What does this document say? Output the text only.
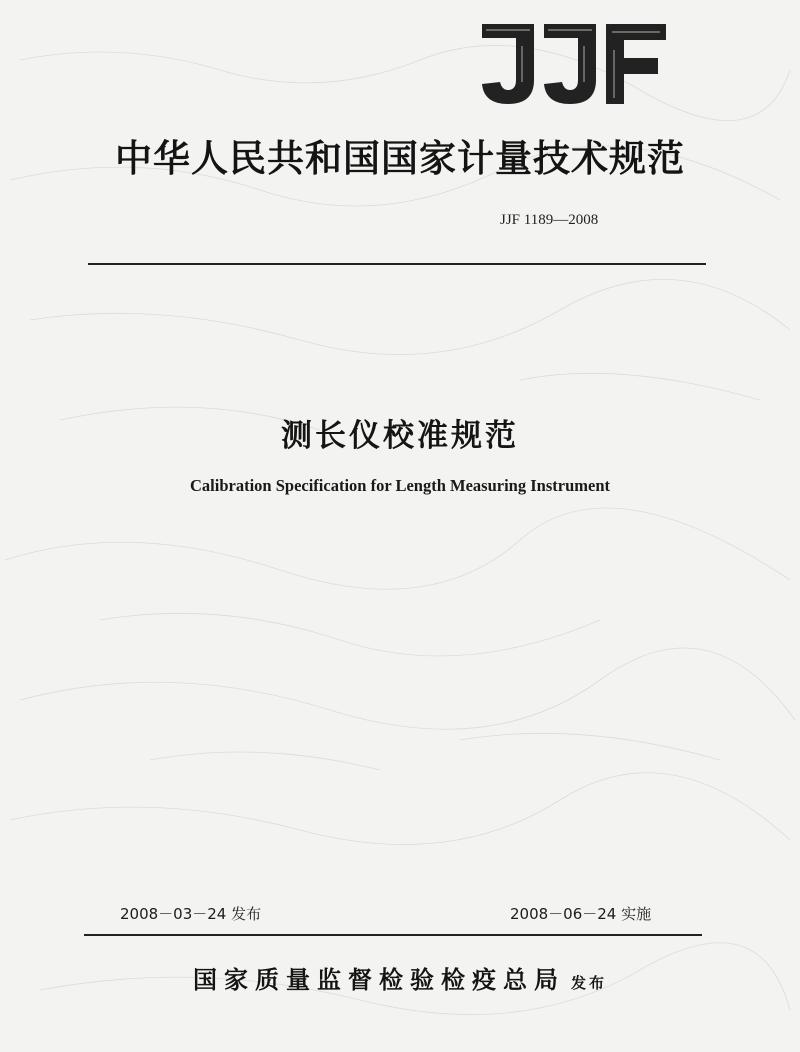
中华人民共和国国家计量技术规范
JJF 1189—2008
测长仪校准规范
Calibration Specification for Length Measuring Instrument
2008－03－24 发布	2008－06－24 实施
国家质量监督检验检疫总局 发布
